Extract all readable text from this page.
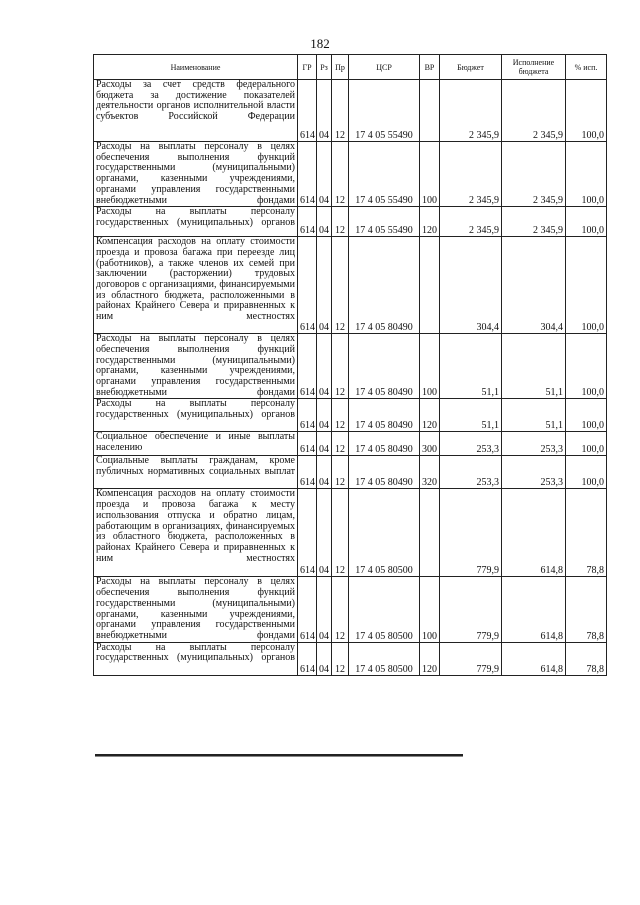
182
Наименование	ГР	Рз	Пр	ЦСР	ВР	Бюджет	Исполнение бюджета	% исп.
Расходы за счет средств федерального бюджета за достижение показателей деятельности органов исполнительной власти субъектов Российской Федерации	614	04	12	17 4 05 55490		2 345,9	2 345,9	100,0
Расходы на выплаты персоналу в целях обеспечения выполнения функций государственными (муниципальными) органами, казенными учреждениями, органами управления государственными внебюджетными фондами	614	04	12	17 4 05 55490	100	2 345,9	2 345,9	100,0
Расходы на выплаты персоналу государственных (муниципальных) органов	614	04	12	17 4 05 55490	120	2 345,9	2 345,9	100,0
Компенсация расходов на оплату стоимости проезда и провоза багажа при переезде лиц (работников), а также членов их семей при заключении (расторжении) трудовых договоров с организациями, финансируемыми из областного бюджета, расположенными в районах Крайнего Севера и приравненных к ним местностях	614	04	12	17 4 05 80490		304,4	304,4	100,0
Расходы на выплаты персоналу в целях обеспечения выполнения функций государственными (муниципальными) органами, казенными учреждениями, органами управления государственными внебюджетными фондами	614	04	12	17 4 05 80490	100	51,1	51,1	100,0
Расходы на выплаты персоналу государственных (муниципальных) органов	614	04	12	17 4 05 80490	120	51,1	51,1	100,0
Социальное обеспечение и иные выплаты населению	614	04	12	17 4 05 80490	300	253,3	253,3	100,0
Социальные выплаты гражданам, кроме публичных нормативных социальных выплат	614	04	12	17 4 05 80490	320	253,3	253,3	100,0
Компенсация расходов на оплату стоимости проезда и провоза багажа к месту использования отпуска и обратно лицам, работающим в организациях, финансируемых из областного бюджета, расположенных в районах Крайнего Севера и приравненных к ним местностях	614	04	12	17 4 05 80500		779,9	614,8	78,8
Расходы на выплаты персоналу в целях обеспечения выполнения функций государственными (муниципальными) органами, казенными учреждениями, органами управления государственными внебюджетными фондами	614	04	12	17 4 05 80500	100	779,9	614,8	78,8
Расходы на выплаты персоналу государственных (муниципальных) органов	614	04	12	17 4 05 80500	120	779,9	614,8	78,8
